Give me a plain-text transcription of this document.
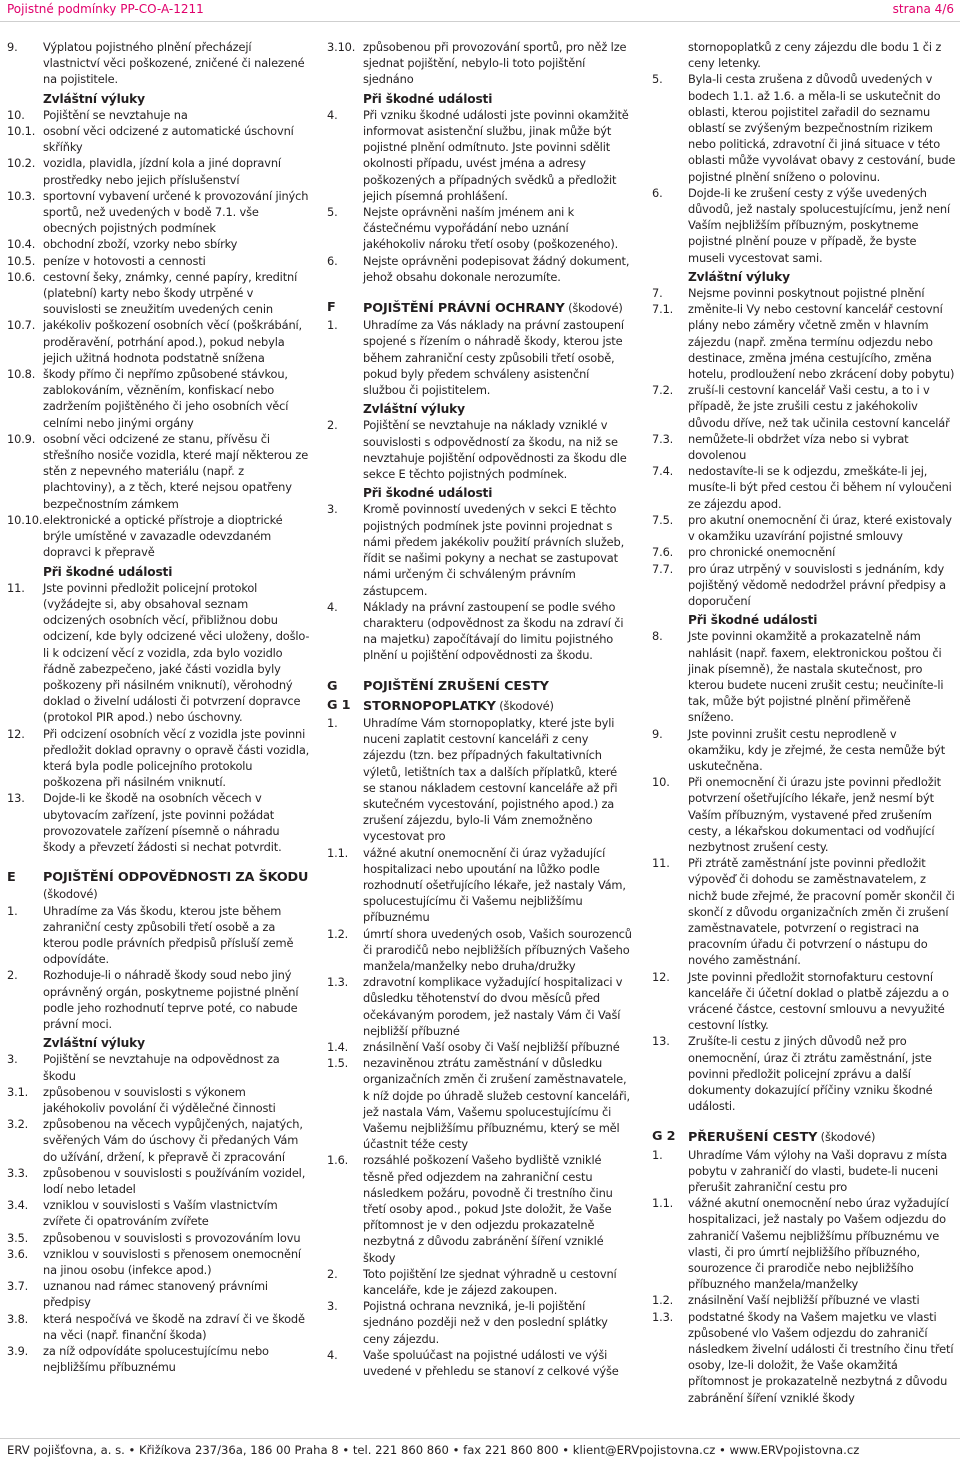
Pojistné podmínky PP-CO-A-1211	strana 4/6
9.	Výplatou pojistného plnění přecházejí vlastnictví věci poškozené, zničené či nalezené na pojistitele.
Zvláštní výluky
10.	Pojištění se nevztahuje na
10.1. osobní věci odcizené z automatické úschovní skříňky
10.2. vozidla, plavidla, jízdní kola a jiné dopravní prostředky nebo jejich příslušenství
10.3. sportovní vybavení určené k provozování jiných sportů, než uvedených v bodě 7.1. vše obecných pojistných podmínek
10.4. obchodní zboží, vzorky nebo sbírky
10.5. peníze v hotovosti a cennosti
10.6. cestovní šeky, známky, cenné papíry, kreditní (platební) karty nebo škody utrpěné v souvislosti se zneužitím uvedených cenin
10.7. jakékoliv poškození osobních věcí (poškrábání, proděravění, potrhání apod.), pokud nebyla jejich užitná hodnota podstatně snížena
10.8. škody přímo či nepřímo způsobené stávkou, zablokováním, věznĕním, konfiskací nebo zadržením pojištěného či jeho osobních věcí celními nebo jinými orgány
10.9. osobní věci odcizené ze stanu, přívěsu či střešního nosiče vozidla, které mají některou ze stěn z nepevného materiálu (např. z plachtoviny), a z těch, které nejsou opatřeny bezpečnostním zámkem
10.10. elektronické a optické přístroje a dioptrické brýle umístěné v zavazadle odevzdaném dopravci k přepravě
Při škodné události
11.	Jste povinni předložit policejní protokol (vyžádejte si, aby obsahoval seznam odcizených osobních věcí, přibližnou dobu odcizení, kde byly odcizené věci uloženy, došlo-li k odcizení věcí z vozidla, zda bylo vozidlo řádně zabezpečeno, jaké části vozidla byly poškozeny při násilném vniknutí), věrohodný doklad o živelní události či potvrzení dopravce (protokol PIR apod.) nebo úschovny.
12.	Při odcizení osobních věcí z vozidla jste povinni předložit doklad opravny o opravě části vozidla, která byla podle policejního protokolu poškozena při násilném vniknutí.
13.	Dojde-li ke škodě na osobních věcech v ubytovacím zařízení, jste povinni požádat provozovatele zařízení písemně o náhradu škody a převzetí žádosti si nechat potvrdit.
E	POJIŠTĚNÍ ODPOVĚDNOSTI ZA ŠKODU
(škodové)
1.	Uhradíme za Vás škodu, kterou jste během zahraniční cesty způsobili třetí osobě a za kterou podle právních předpisů přísluší země odpovídáte.
2.	Rozhoduje-li o náhradě škody soud nebo jiný oprávněný orgán, poskytneme pojistné plnění podle jeho rozhodnutí teprve poté, co nabude právní moci.
Zvláštní výluky
3.	Pojištění se nevztahuje na odpovědnost za škodu
3.1.	způsobenou v souvislosti s výkonem jakéhokoliv povolání či výdělečné činnosti
3.2.	způsobenou na věcech vypůjčených, najatých, svěřených Vám do úschovy či předaných Vám do užívání, držení, k přepravě či zpracování
3.3.	způsobenou v souvislosti s používáním vozidel, lodí nebo letadel
3.4.	vzniklou v souvislosti s Vaším vlastnictvím zvířete či opatrováním zvířete
3.5.	způsobenou v souvislosti s provozováním lovu
3.6.	vzniklou v souvislosti s přenosem onemocnění na jinou osobu (infekce apod.)
3.7.	uznanou nad rámec stanovený právními předpisy
3.8.	která nespočívá ve škodě na zdraví či ve škodě na věci (např. finanční škoda)
3.9.	za níž odpovídáte spolucestujícímu nebo nejbližšímu příbuznému
3.10. způsobenou při provozování sportů, pro něž lze sjednat pojištění, nebylo-li toto pojištění sjednáno
Při škodné události
4.	Při vzniku škodné události jste povinni okamžitě informovat asistenční službu, jinak může být pojistné plnění odmítnuto. Jste povinni sdělit okolnosti případu, uvést jména a adresy poškozených a případných svědků a předložit jejich písemná prohlášení.
5.	Nejste oprávněni naším jménem ani k částečnému vypořádání nebo uznání jakéhokoliv nároku třetí osoby (poškozeného).
6.	Nejste oprávněni podepisovat žádný dokument, jehož obsahu dokonale nerozumíte.
F	POJIŠTĚNÍ PRÁVNÍ OCHRANY (škodové)
1.	Uhradíme za Vás náklady na právní zastoupení spojené s řízením o náhradě škody, kterou jste během zahraniční cesty způsobili třetí osobě, pokud byly předem schváleny asistenční službou či pojistitelem.
Zvláštní výluky
2.	Pojištění se nevztahuje na náklady vzniklé v souvislosti s odpovědností za škodu, na niž se nevztahuje pojištění odpovědnosti za škodu dle sekce E těchto pojistných podmínek.
Při škodné události
3.	Kromě povinností uvedených v sekci E těchto pojistných podmínek jste povinni projednat s námi předem jakékoliv použití právních služeb, řídit se našimi pokyny a nechat se zastupovat námi určeným či schváleným právním zástupcem.
4.	Náklady na právní zastoupení se podle svého charakteru (odpovědnost za škodu na zdraví či na majetku) započítávají do limitu pojistného plnění u pojištění odpovědnosti za škodu.
G	POJIŠTĚNÍ ZRUŠENÍ CESTY
G 1 STORNOPOPLATKY (škodové)
1.	Uhradíme Vám stornopoplatky, které jste byli nuceni zaplatit cestovní kanceláři z ceny zájezdu (tzn. bez případných fakultativních výletů, letištních tax a dalších příplatků, které se stanou nákladem cestovní kanceláře až při skutečném vycestování, pojistného apod.) za zrušení zájezdu, bylo-li Vám znemožněno vycestovat pro
1.1.	vážné akutní onemocnění či úraz vyžadující hospitalizaci nebo upoutání na lůžko podle rozhodnutí ošetřujícího lékaře, jež nastaly Vám, spolucestujícímu či Vašemu nejbližšímu příbuznému
1.2.	úmrtí shora uvedených osob, Vašich sourozenců či prarodičů nebo nejbližších příbuzných Vašeho manžela/manželky nebo druha/družky
1.3.	zdravotní komplikace vyžadující hospitalizaci v důsledku těhotenství do dvou měsíců před očekávaným porodem, jež nastaly Vám či Vaší nejbližší příbuzné
1.4.	znásilnění Vaší osoby či Vaší nejbližší příbuzné
1.5.	nezaviněnou ztrátu zaměstnání v důsledku organizačních změn či zrušení zaměstnavatele, k níž dojde po úhradě služeb cestovní kanceláři, jež nastala Vám, Vašemu spolucestujícímu či Vašemu nejbližšímu příbuznému, který se měl účastnit téže cesty
1.6.	rozsáhlé poškození Vašeho bydliště vzniklé těsně před odjezdem na zahraniční cestu následkem požáru, povodně či trestního činu třetí osoby apod., pokud Jste doložit, že Vaše přítomnost je v den odjezdu prokazatelně nezbytná z důvodu zabránění šíření vzniklé škody
2.	Toto pojištění lze sjednat výhradně u cestovní kanceláře, kde je zájezd zakoupen.
3.	Pojistná ochrana nevzniká, je-li pojištění sjednáno později než v den poslední splátky ceny zájezdu.
4.	Vaše spoluúčast na pojistné události ve výši uvedené v přehledu se stanoví z celkové výše
stornopoplatků z ceny zájezdu dle bodu 1 či z ceny letenky.
5.	Byla-li cesta zrušena z důvodů uvedených v bodech 1.1. až 1.6. a měla-li se uskutečnit do oblasti, kterou pojistitel zařadil do seznamu oblastí se zvýšeným bezpečnostním rizikem nebo politická, zdravotní či jiná situace v této oblasti může vyvolávat obavy z cestování, bude pojistné plnění sníženo o polovinu.
6.	Dojde-li ke zrušení cesty z výše uvedených důvodů, jež nastaly spolucestujícímu, jenž není Vaším nejbližším příbuzným, poskytneme pojistné plnění pouze v případě, že byste museli vycestovat sami.
Zvláštní výluky
7.	Nejsme povinni poskytnout pojistné plnění
7.1.	změnite-li Vy nebo cestovní kancelář cestovní plány nebo záměry včetně změn v hlavním zájezdu (např. změna termínu odjezdu nebo destinace, změna jména cestujícího, změna hotelu, prodloužení nebo zkrácení doby pobytu)
7.2.	zruší-li cestovní kancelář Vaši cestu, a to i v případě, že jste zrušili cestu z jakéhokoliv důvodu dříve, než tak učinila cestovní kancelář
7.3.	nemůžete-li obdržet víza nebo si vybrat dovolenou
7.4.	nedostavíte-li se k odjezdu, zmeškáte-li jej, musíte-li být před cestou či během ní vyloučeni ze zájezdu apod.
7.5.	pro akutní onemocnění či úraz, které existovaly v okamžiku uzavírání pojistné smlouvy
7.6.	pro chronické onemocnění
7.7.	pro úraz utrpěný v souvislosti s jednáním, kdy pojištěný vědomě nedodržel právní předpisy a doporučení
Při škodné události
8.	Jste povinni okamžitě a prokazatelně nám nahlásit (např. faxem, elektronickou poštou či jinak písemně), že nastala skutečnost, pro kterou budete nuceni zrušit cestu; neučiníte-li tak, může být pojistné plnění přiměřeně sníženo.
9.	Jste povinni zrušit cestu neprodleně v okamžiku, kdy je zřejmé, že cesta nemůže být uskutečněna.
10.	Při onemocnění či úrazu jste povinni předložit potvrzení ošetřujícího lékaře, jenž nesmí být Vaším příbuzným, vystavené před zrušením cesty, a lékařskou dokumentaci od vodňující nezbytnost zrušení cesty.
11.	Při ztrátě zaměstnání jste povinni předložit výpověď či dohodu se zaměstnavatelem, z nichž bude zřejmé, že pracovní poměr skončil či skončí z důvodu organizačních změn či zrušení zaměstnavatele, potvrzení o registraci na pracovním úřadu či potvrzení o nástupu do nového zaměstnání.
12.	Jste povinni předložit stornofakturu cestovní kanceláře či účetní doklad o platbě zájezdu a o vrácené částce, cestovní smlouvu a nevyužité cestovní lístky.
13.	Zrušíte-li cestu z jiných důvodů než pro onemocnění, úraz či ztrátu zaměstnání, jste povinni předložit policejní zprávu a další dokumenty dokazující příčiny vzniku škodné události.
G 2 PŘERUŠENÍ CESTY (škodové)
1.	Uhradíme Vám výlohy na Vaši dopravu z místa pobytu v zahraničí do vlasti, budete-li nuceni přerušit zahraniční cestu pro
1.1.	vážné akutní onemocnění nebo úraz vyžadující hospitalizaci, jež nastaly po Vašem odjezdu do zahraničí Vašemu nejbližšímu příbuznému ve vlasti, či pro úmrtí nejbližšího příbuzného, sourozence či prarodiče nebo nejbližšího příbuzného manžela/manželky
1.2.	znásilnění Vaší nejbližší příbuzné ve vlasti
1.3.	podstatné škody na Vašem majetku ve vlasti způsobené vlo Vašem odjezdu do zahraničí následkem živelní události či trestního činu třetí osoby, lze-li doložit, že Vaše okamžitá přítomnost je prokazatelně nezbytná z důvodu zabránění šíření vzniklé škody
ERV pojišťovna, a. s. • Křižíkova 237/36a, 186 00 Praha 8 • tel. 221 860 860 • fax 221 860 800 • klient@ERVpojistovna.cz • www.ERVpojistovna.cz
